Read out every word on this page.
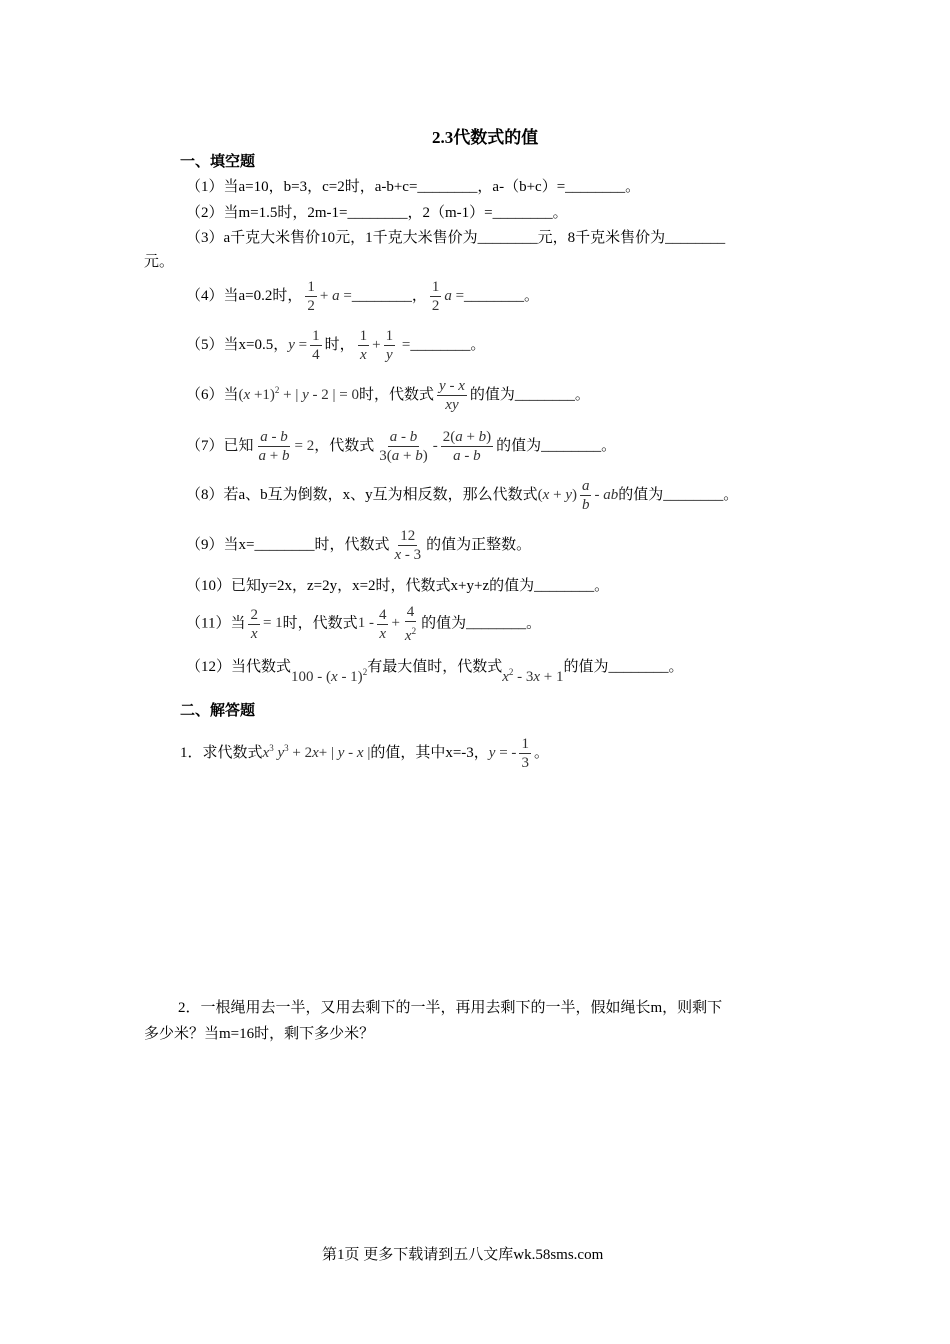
2.3代数式的值
一、填空题
（1）当a=10，b=3，c=2时，a-b+c=________，a-（b+c）=________。
（2）当m=1.5时，2m-1=________，2（m-1）=________。
（3）a千克大米售价10元，1千克大米售价为________元，8千克米售价为________
元。
（4）当a=0.2时， $\frac{1}{2} + a$ =________， $\frac{1}{2}$ a =________。
（5）当x=0.5，$y = \frac{1}{4}$ 时， $\frac{1}{x} + \frac{1}{y}$ =________。
（6）当$(x +1)^2$ + | y - 2 | = 0时，代数式 $\frac{y - x}{xy}$ 的值为________。
（7）已知 $\frac{a - b}{a + b} = 2$，代数式 $\frac{a - b}{3(a + b)} - \frac{2(a + b)}{a - b}$ 的值为________。
（8）若a、b互为倒数，x、y互为相反数，那么代数式$(x + y) \frac{a}{b}$ - ab的值为________。
（9）当x=________时，代数式 $\frac{12}{x - 3}$ 的值为正整数。
（10）已知y=2x，z=2y，x=2时，代数式x+y+z的值为________。
（11）当 $\frac{2}{x} = 1$时，代数式$1 - \frac{4}{x} + \frac{4}{x^2}$ 的值为________。
（12）当代数式100 - (x - 1)$^2$有最大值时，代数式$x^2 - 3x + 1$的值为________。
二、解答题
1．求代数式$x^3$ $y^3 + 2x+$ | y - x |的值，其中x=-3，y = - $\frac{1}{3}$ 。
2．一根绳用去一半，又用去剩下的一半，再用去剩下的一半，假如绳长m，则剩下
多少米？当m=16时，剩下多少米？
第1页 更多下载请到五八文库wk.58sms.com
